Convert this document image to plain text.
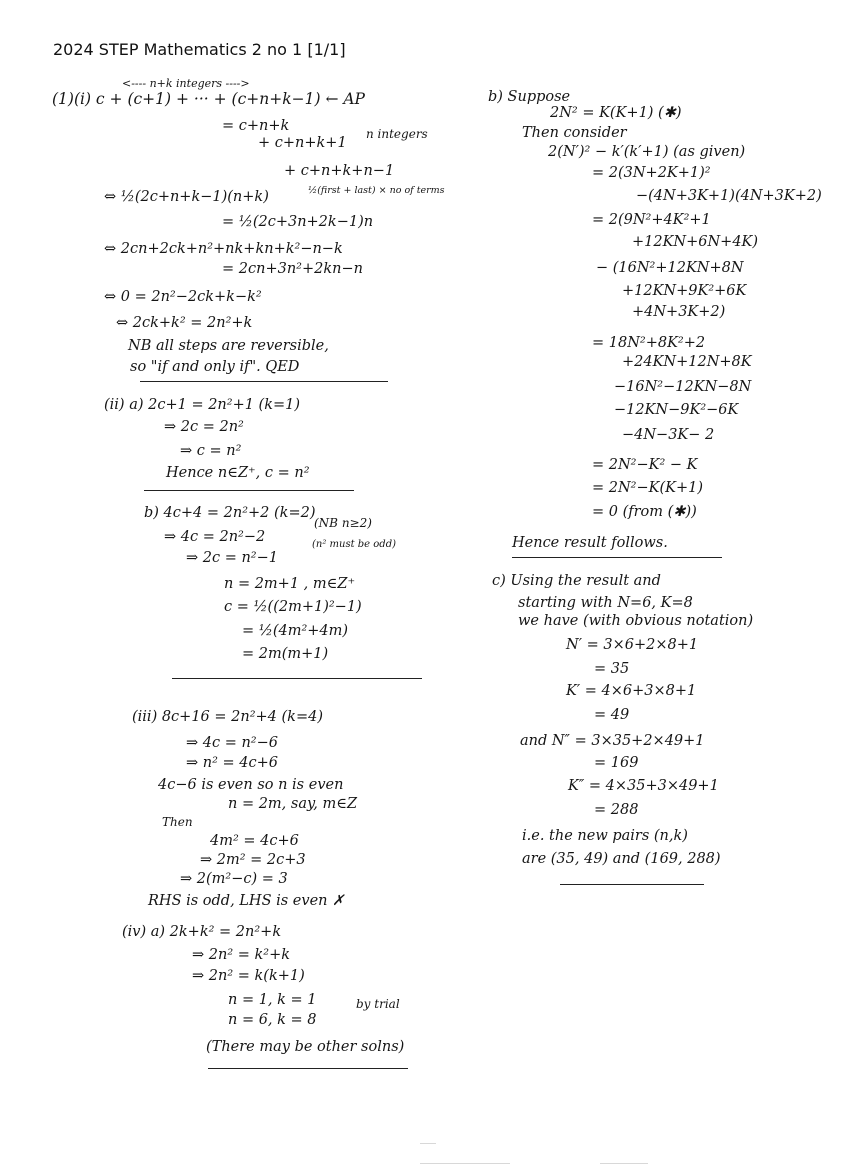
2024 STEP Mathematics 2 no 1 [1/1]
<---- n+k integers ---->
(1)(i) c + (c+1) + ··· + (c+n+k−1) ← AP
= c+n+k
+ c+n+k+1
+ c+n+k+n−1
n integers
½(first + last) × no of terms
⇔ ½(2c+n+k−1)(n+k)
= ½(2c+3n+2k−1)n
⇔ 2cn+2ck+n²+nk+kn+k²−n−k
= 2cn+3n²+2kn−n
⇔ 0 = 2n²−2ck+k−k²
⇔ 2ck+k² = 2n²+k
NB all steps are reversible,
so "if and only if". QED
(ii) a) 2c+1 = 2n²+1 (k=1)
⇒ 2c = 2n²
⇒ c = n²
Hence n∈Z⁺, c = n²
b) 4c+4 = 2n²+2 (k=2)
⇒ 4c = 2n²−2
⇒ 2c = n²−1
(NB n≥2)
(n² must be odd)
n = 2m+1 , m∈Z⁺
c = ½((2m+1)²−1)
= ½(4m²+4m)
= 2m(m+1)
(iii) 8c+16 = 2n²+4 (k=4)
⇒ 4c = n²−6
⇒ n² = 4c+6
4c−6 is even so n is even
n = 2m, say, m∈Z
Then
4m² = 4c+6
⇒ 2m² = 2c+3
⇒ 2(m²−c) = 3
RHS is odd, LHS is even ✗
(iv) a) 2k+k² = 2n²+k
⇒ 2n² = k²+k
⇒ 2n² = k(k+1)
n = 1, k = 1
n = 6, k = 8
by trial
(There may be other solns)
b) Suppose
2N² = K(K+1) (✱)
Then consider
2(N′)² − k′(k′+1) (as given)
= 2(3N+2K+1)²
−(4N+3K+1)(4N+3K+2)
= 2(9N²+4K²+1
+12KN+6N+4K)
− (16N²+12KN+8N
+12KN+9K²+6K
+4N+3K+2)
= 18N²+8K²+2
+24KN+12N+8K
−16N²−12KN−8N
−12KN−9K²−6K
−4N−3K− 2
= 2N²−K² − K
= 2N²−K(K+1)
= 0 (from (✱))
Hence result follows.
c) Using the result and
starting with N=6, K=8
we have (with obvious notation)
N′ = 3×6+2×8+1
= 35
K′ = 4×6+3×8+1
= 49
and N″ = 3×35+2×49+1
= 169
K″ = 4×35+3×49+1
= 288
i.e. the new pairs (n,k)
are (35, 49) and (169, 288)
